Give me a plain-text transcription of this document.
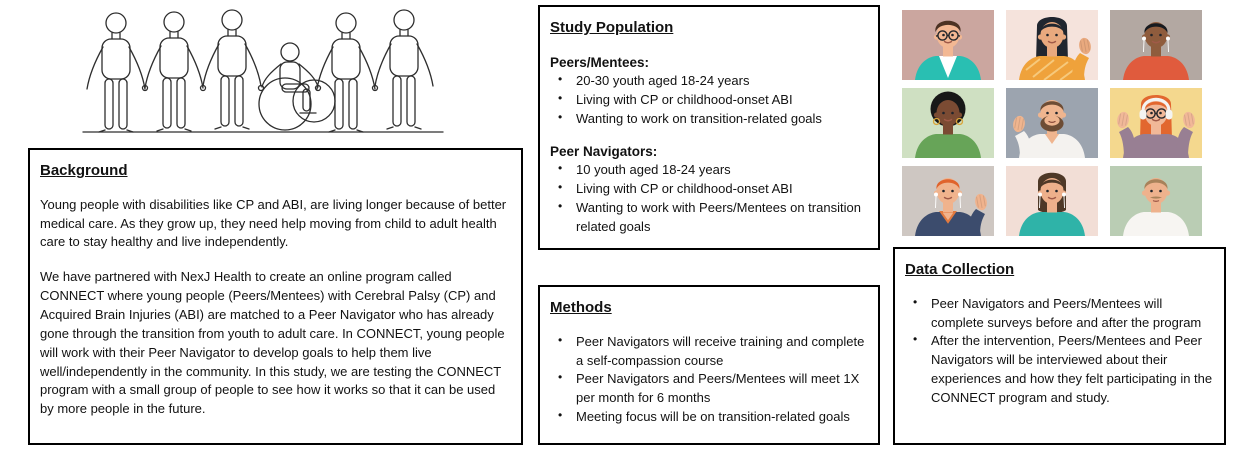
Background

Young people with disabilities like CP and ABI, are living longer because of better medical care. As they grow up, they need help moving from child to adult health care to stay healthy and live independently.

We have partnered with NexJ Health to create an online program called CONNECT where young people (Peers/Mentees) with Cerebral Palsy (CP) and Acquired Brain Injuries (ABI) are matched to a Peer Navigator who has already gone through the transition from youth to adult care. In CONNECT, young people will work with their Peer Navigator to develop goals to help them live well/independently in the community. In this study, we are testing the CONNECT program with a small group of people to see how it works so that it can be used by more people in the future.

Study Population
Peers/Mentees:
• 20-30 youth aged 18-24 years
• Living with CP or childhood-onset ABI
• Wanting to work on transition-related goals
Peer Navigators:
• 10 youth aged 18-24 years
• Living with CP or childhood-onset ABI
• Wanting to work with Peers/Mentees on transition related goals
Methods
• Peer Navigators will receive training and complete a self-compassion course
• Peer Navigators and Peers/Mentees will meet 1X per month for 6 months
• Meeting focus will be on transition-related goals
Data Collection
• Peer Navigators and Peers/Mentees will complete surveys before and after the program
• After the intervention, Peers/Mentees and Peer Navigators will be interviewed about their experiences and how they felt participating in the CONNECT program and study.
